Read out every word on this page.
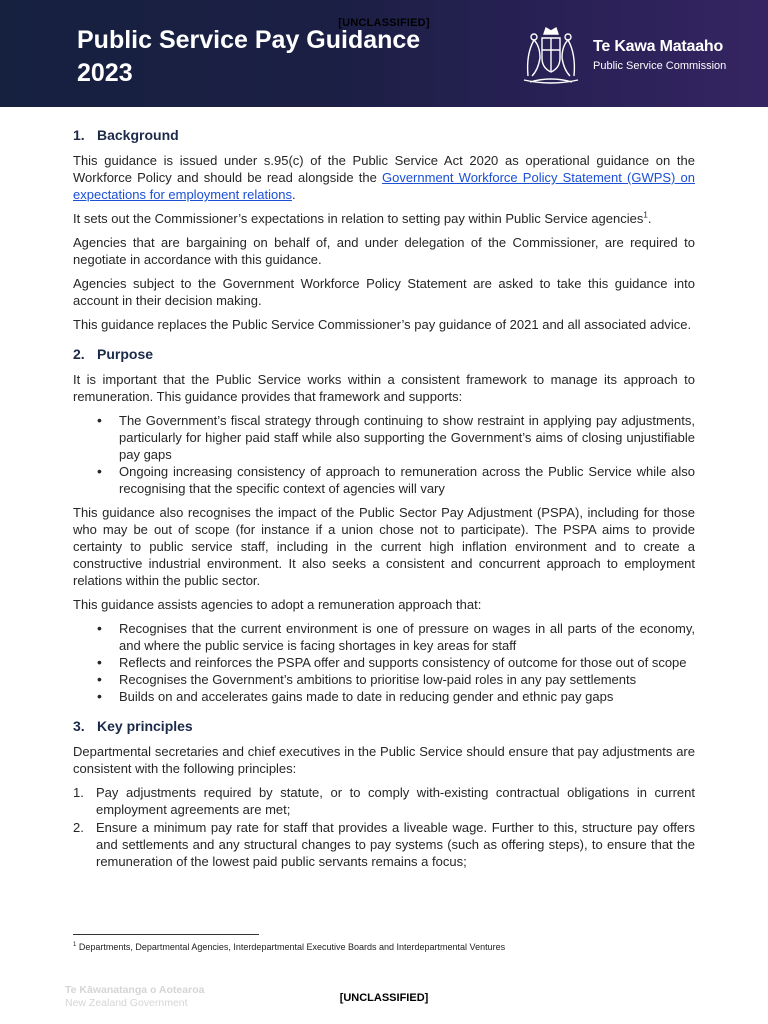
Public Service Pay Guidance
2023
Te Kawa Mataaho
Public Service Commission
[UNCLASSIFIED]
1. Background

This guidance is issued under s.95(c) of the Public Service Act 2020 as operational guidance on the Workforce Policy and should be read alongside the Government Workforce Policy Statement (GWPS) on expectations for employment relations.

It sets out the Commissioner’s expectations in relation to setting pay within Public Service agencies$^1$.

Agencies that are bargaining on behalf of, and under delegation of the Commissioner, are required to negotiate in accordance with this guidance.

Agencies subject to the Government Workforce Policy Statement are asked to take this guidance into account in their decision making.

This guidance replaces the Public Service Commissioner’s pay guidance of 2021 and all associated advice.

2. Purpose

It is important that the Public Service works within a consistent framework to manage its approach to remuneration. This guidance provides that framework and supports:

• The Government’s fiscal strategy through continuing to show restraint in applying pay adjustments, particularly for higher paid staff while also supporting the Government’s aims of closing unjustifiable pay gaps
• Ongoing increasing consistency of approach to remuneration across the Public Service while also recognising that the specific context of agencies will vary

This guidance also recognises the impact of the Public Sector Pay Adjustment (PSPA), including for those who may be out of scope (for instance if a union chose not to participate). The PSPA aims to provide certainty to public service staff, including in the current high inflation environment and to create a constructive industrial environment. It also seeks a consistent and concurrent approach to employment relations within the public sector.

This guidance assists agencies to adopt a remuneration approach that:

• Recognises that the current environment is one of pressure on wages in all parts of the economy, and where the public service is facing shortages in key areas for staff
• Reflects and reinforces the PSPA offer and supports consistency of outcome for those out of scope
• Recognises the Government’s ambitions to prioritise low-paid roles in any pay settlements
• Builds on and accelerates gains made to date in reducing gender and ethnic pay gaps
3. Key principles

Departmental secretaries and chief executives in the Public Service should ensure that pay adjustments are consistent with the following principles:

1. Pay adjustments required by statute, or to comply with-existing contractual obligations in current employment agreements are met;
2. Ensure a minimum pay rate for staff that provides a liveable wage. Further to this, structure pay offers and settlements and any structural changes to pay systems (such as offering steps), to ensure that the remuneration of the lowest paid public servants remains a focus;
$^1$ Departments, Departmental Agencies, Interdepartmental Executive Boards and Interdepartmental Ventures
Te Kāwanatanga o Aotearoa
New Zealand Government	[UNCLASSIFIED]
